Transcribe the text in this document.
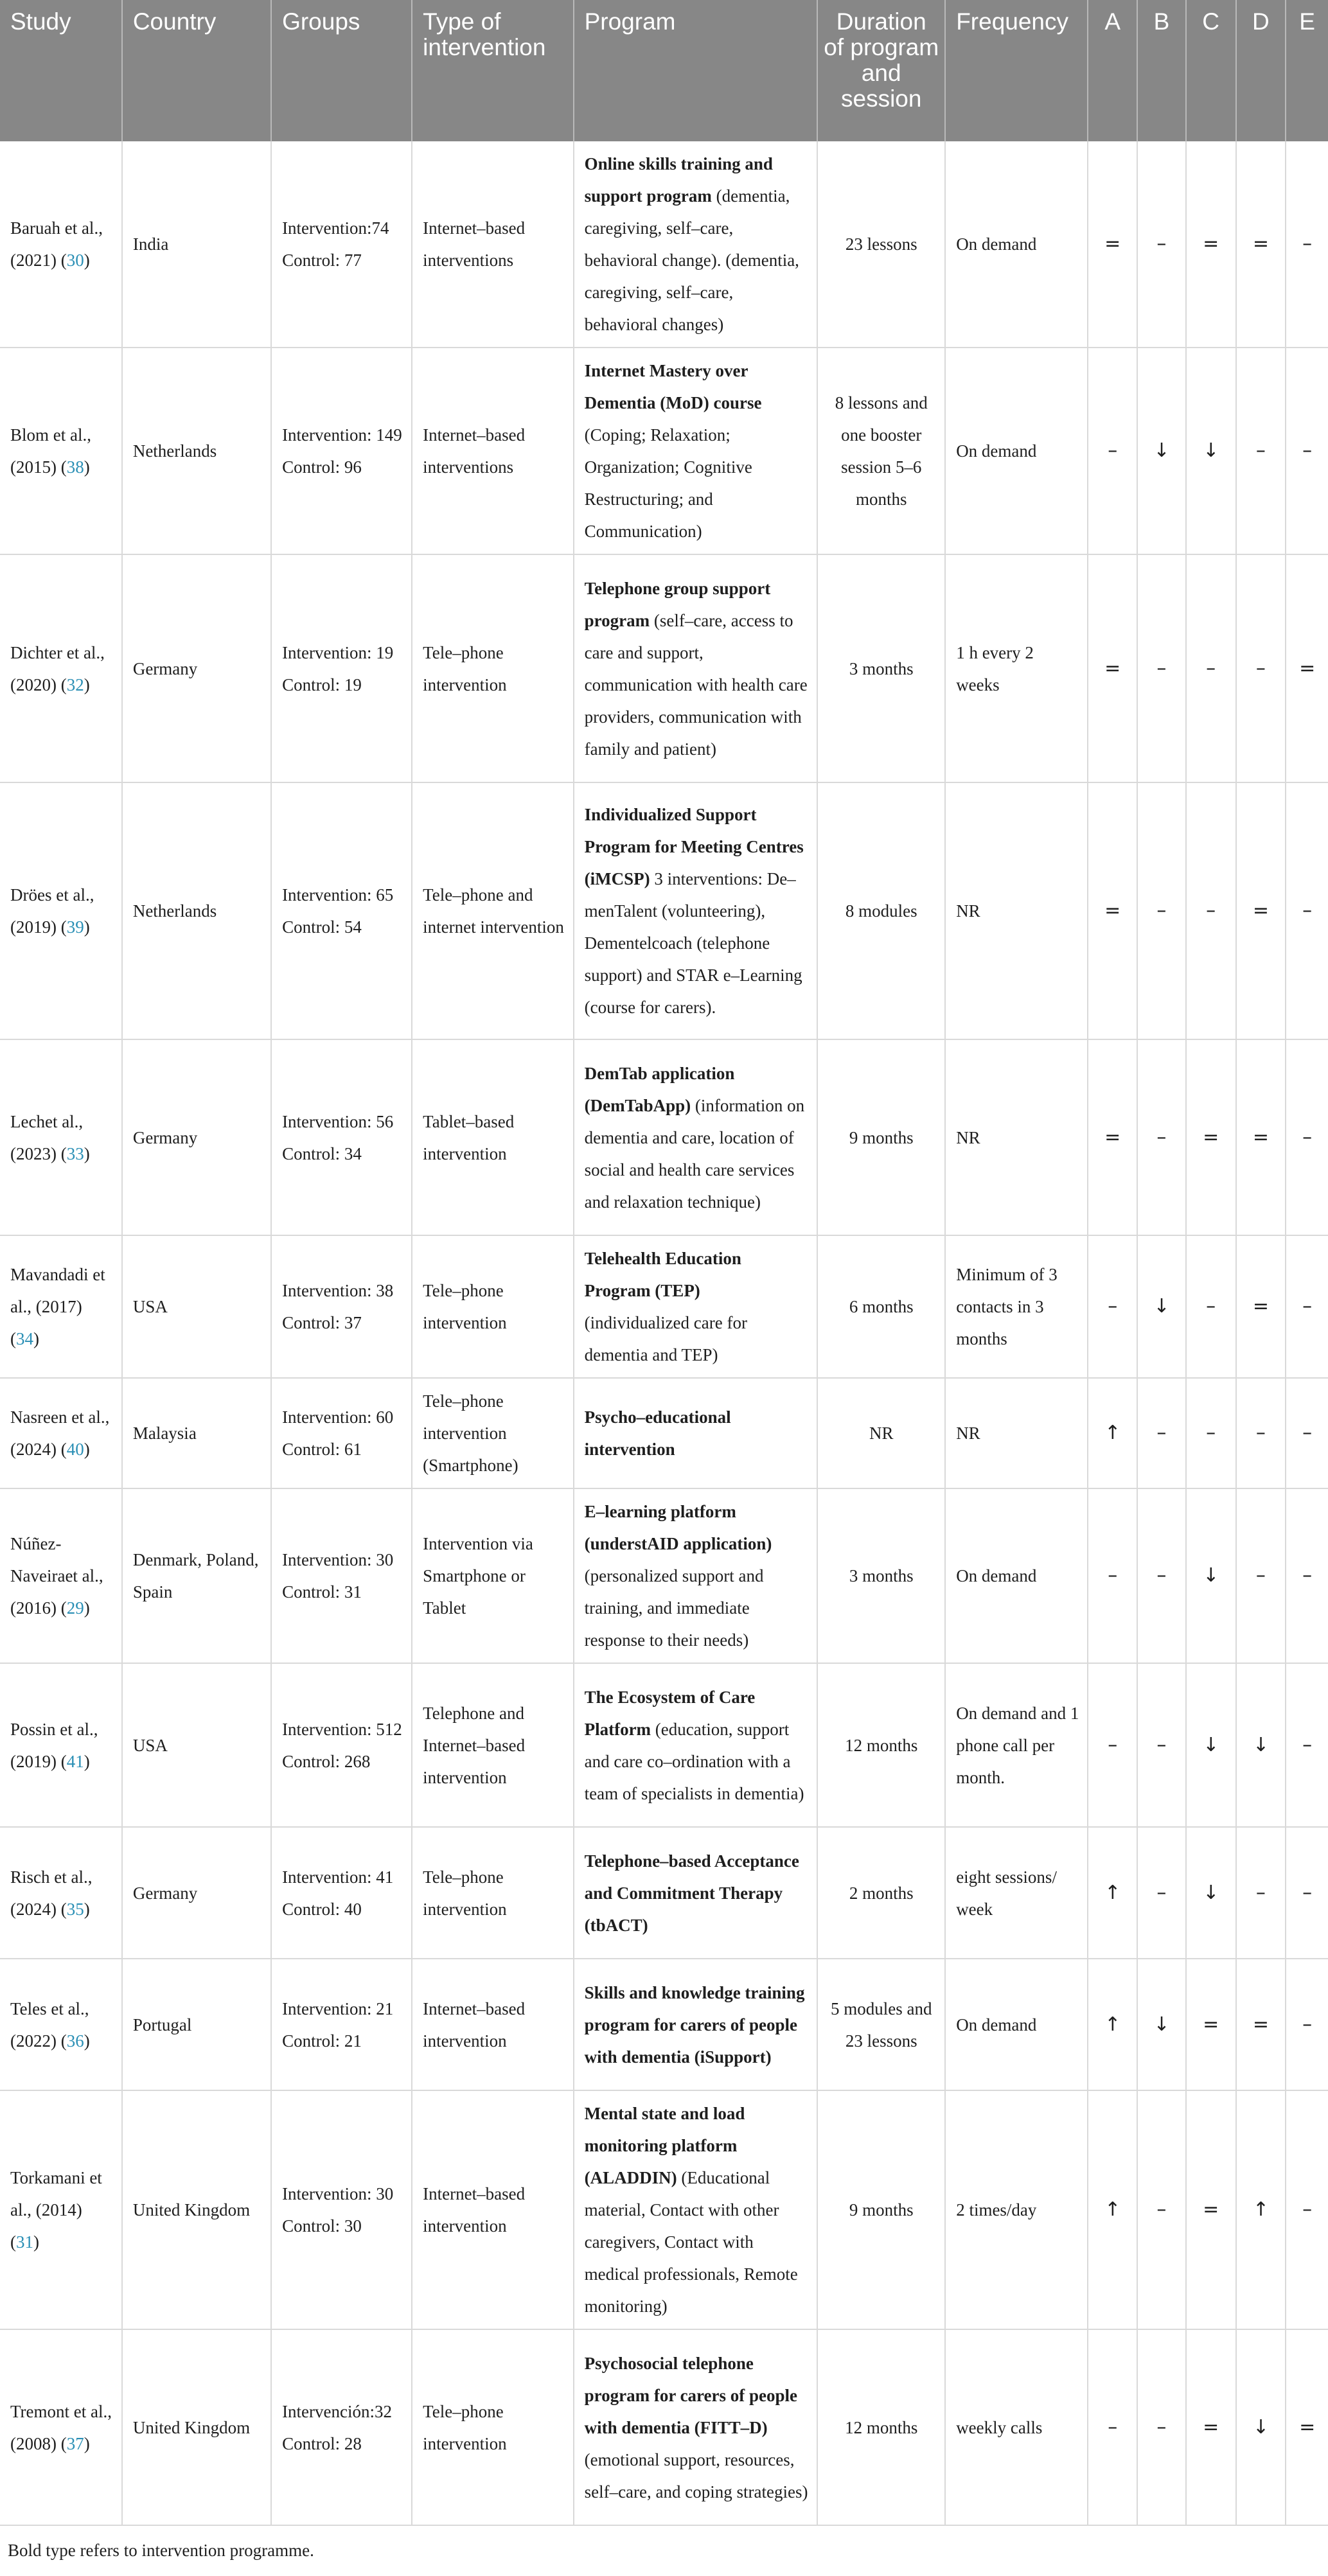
Study	Country	Groups	Type of intervention	Program	Duration of program and session	Frequency	A	B	C	D	E
Baruah et al., (2021) (30)	India	Intervention:74 Control: 77	Internet–based interventions	Online skills training and support program (dementia, caregiving, self–care, behavioral change). (dementia, caregiving, self–care, behavioral changes)	23 lessons	On demand	=	–	=	=	–
Blom et al., (2015) (38)	Netherlands	Intervention: 149 Control: 96	Internet–based interventions	Internet Mastery over Dementia (MoD) course (Coping; Relaxation; Organization; Cognitive Restructuring; and Communication)	8 lessons and one booster session 5–6 months	On demand	–	↓	↓	–	–
Dichter et al., (2020) (32)	Germany	Intervention: 19 Control: 19	Tele–phone intervention	Telephone group support program (self–care, access to care and support, communication with health care providers, communication with family and patient)	3 months	1 h every 2 weeks	=	–	–	–	=
Dröes et al., (2019) (39)	Netherlands	Intervention: 65 Control: 54	Tele–phone and internet intervention	Individualized Support Program for Meeting Centres (iMCSP) 3 interventions: De–menTalent (volunteering), Dementelcoach (telephone support) and STAR e–Learning (course for carers).	8 modules	NR	=	–	–	=	–
Lechet al., (2023) (33)	Germany	Intervention: 56 Control: 34	Tablet–based intervention	DemTab application (DemTabApp) (information on dementia and care, location of social and health care services and relaxation technique)	9 months	NR	=	–	=	=	–
Mavandadi et al., (2017) (34)	USA	Intervention: 38 Control: 37	Tele–phone intervention	Telehealth Education Program (TEP) (individualized care for dementia and TEP)	6 months	Minimum of 3 contacts in 3 months	–	↓	–	=	–
Nasreen et al., (2024) (40)	Malaysia	Intervention: 60 Control: 61	Tele–phone intervention (Smartphone)	Psycho–educational intervention	NR	NR	↑	–	–	–	–
Núñez-Naveiraet al., (2016) (29)	Denmark, Poland, Spain	Intervention: 30 Control: 31	Intervention via Smartphone or Tablet	E–learning platform (understAID application) (personalized support and training, and immediate response to their needs)	3 months	On demand	–	–	↓	–	–
Possin et al., (2019) (41)	USA	Intervention: 512 Control: 268	Telephone and Internet–based intervention	The Ecosystem of Care Platform (education, support and care co–ordination with a team of specialists in dementia)	12 months	On demand and 1 phone call per month.	–	–	↓	↓	–
Risch et al., (2024) (35)	Germany	Intervention: 41 Control: 40	Tele–phone intervention	Telephone–based Acceptance and Commitment Therapy (tbACT)	2 months	eight sessions/ week	↑	–	↓	–	–
Teles et al., (2022) (36)	Portugal	Intervention: 21 Control: 21	Internet–based intervention	Skills and knowledge training program for carers of people with dementia (iSupport)	5 modules and 23 lessons	On demand	↑	↓	=	=	–
Torkamani et al., (2014) (31)	United Kingdom	Intervention: 30 Control: 30	Internet–based intervention	Mental state and load monitoring platform (ALADDIN) (Educational material, Contact with other caregivers, Contact with medical professionals, Remote monitoring)	9 months	2 times/day	↑	–	=	↑	–
Tremont et al., (2008) (37)	United Kingdom	Intervención:32 Control: 28	Tele–phone intervention	Psychosocial telephone program for carers of people with dementia (FITT–D) (emotional support, resources, self–care, and coping strategies)	12 months	weekly calls	–	–	=	↓	=
Bold type refers to intervention programme.
